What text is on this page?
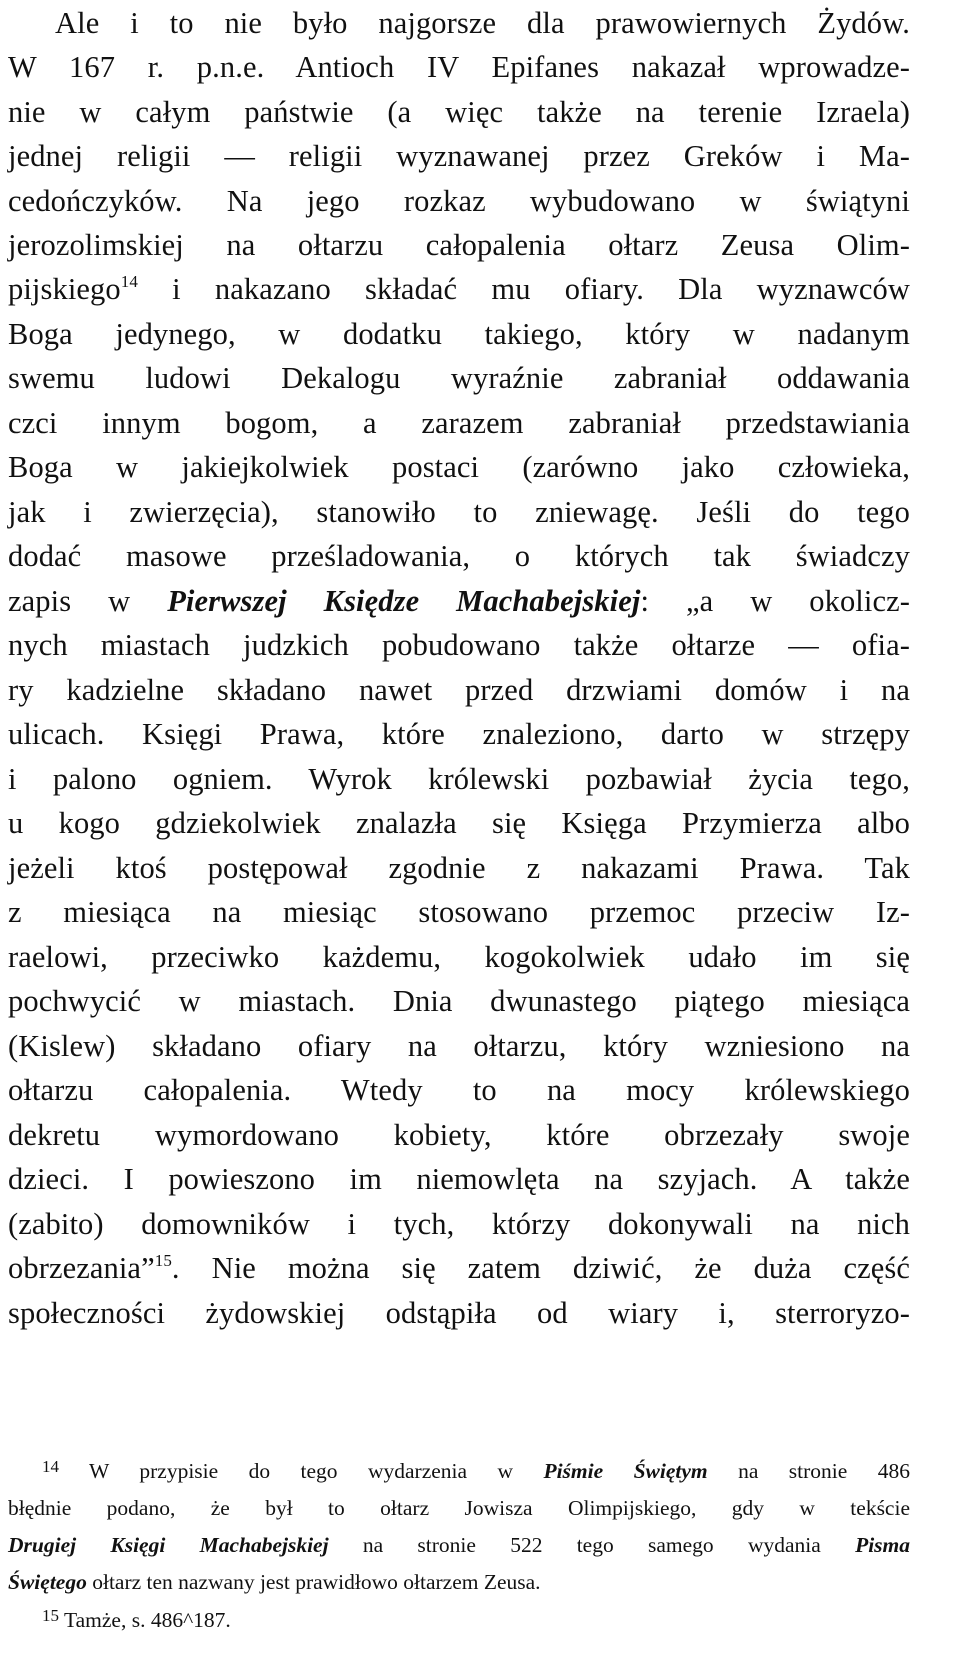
Ale i to nie było najgorsze dla prawowiernych Żydów.
W 167 r. p.n.e. Antioch IV Epifanes nakazał wprowadze-
nie w całym państwie (a więc także na terenie Izraela)
jednej religii — religii wyznawanej przez Greków i Ma-
cedończyków. Na jego rozkaz wybudowano w świątyni
jerozolimskiej na ołtarzu całopalenia ołtarz Zeusa Olim-
pijskiego$^{14}$ i nakazano składać mu ofiary. Dla wyznawców
Boga jedynego, w dodatku takiego, który w nadanym
swemu ludowi Dekalogu wyraźnie zabraniał oddawania
czci innym bogom, a zarazem zabraniał przedstawiania
Boga w jakiejkolwiek postaci (zarówno jako człowieka,
jak i zwierzęcia), stanowiło to zniewagę. Jeśli do tego
dodać masowe prześladowania, o których tak świadczy
zapis w Pierwszej Księdze Machabejskiej: „a w okolicz-
nych miastach judzkich pobudowano także ołtarze — ofia-
ry kadzielne składano nawet przed drzwiami domów i na
ulicach. Księgi Prawa, które znaleziono, darto w strzępy
i palono ogniem. Wyrok królewski pozbawiał życia tego,
u kogo gdziekolwiek znalazła się Księga Przymierza albo
jeżeli ktoś postępował zgodnie z nakazami Prawa. Tak
z miesiąca na miesiąc stosowano przemoc przeciw Iz-
raelowi, przeciwko każdemu, kogokolwiek udało im się
pochwycić w miastach. Dnia dwunastego piątego miesiąca
(Kislew) składano ofiary na ołtarzu, który wzniesiono na
ołtarzu całopalenia. Wtedy to na mocy królewskiego
dekretu wymordowano kobiety, które obrzezały swoje
dzieci. I powieszono im niemowlęta na szyjach. A także
(zabito) domowników i tych, którzy dokonywali na nich
obrzezania”$^{15}$. Nie można się zatem dziwić, że duża część
społeczności żydowskiej odstąpiła od wiary i, sterroryzo-
$^{14}$ W przypisie do tego wydarzenia w Piśmie Świętym na stronie 486
błędnie podano, że był to ołtarz Jowisza Olimpijskiego, gdy w tekście
Drugiej Księgi Machabejskiej na stronie 522 tego samego wydania Pisma
Świętego ołtarz ten nazwany jest prawidłowo ołtarzem Zeusa.
$^{15}$ Tamże, s. 486^187.
